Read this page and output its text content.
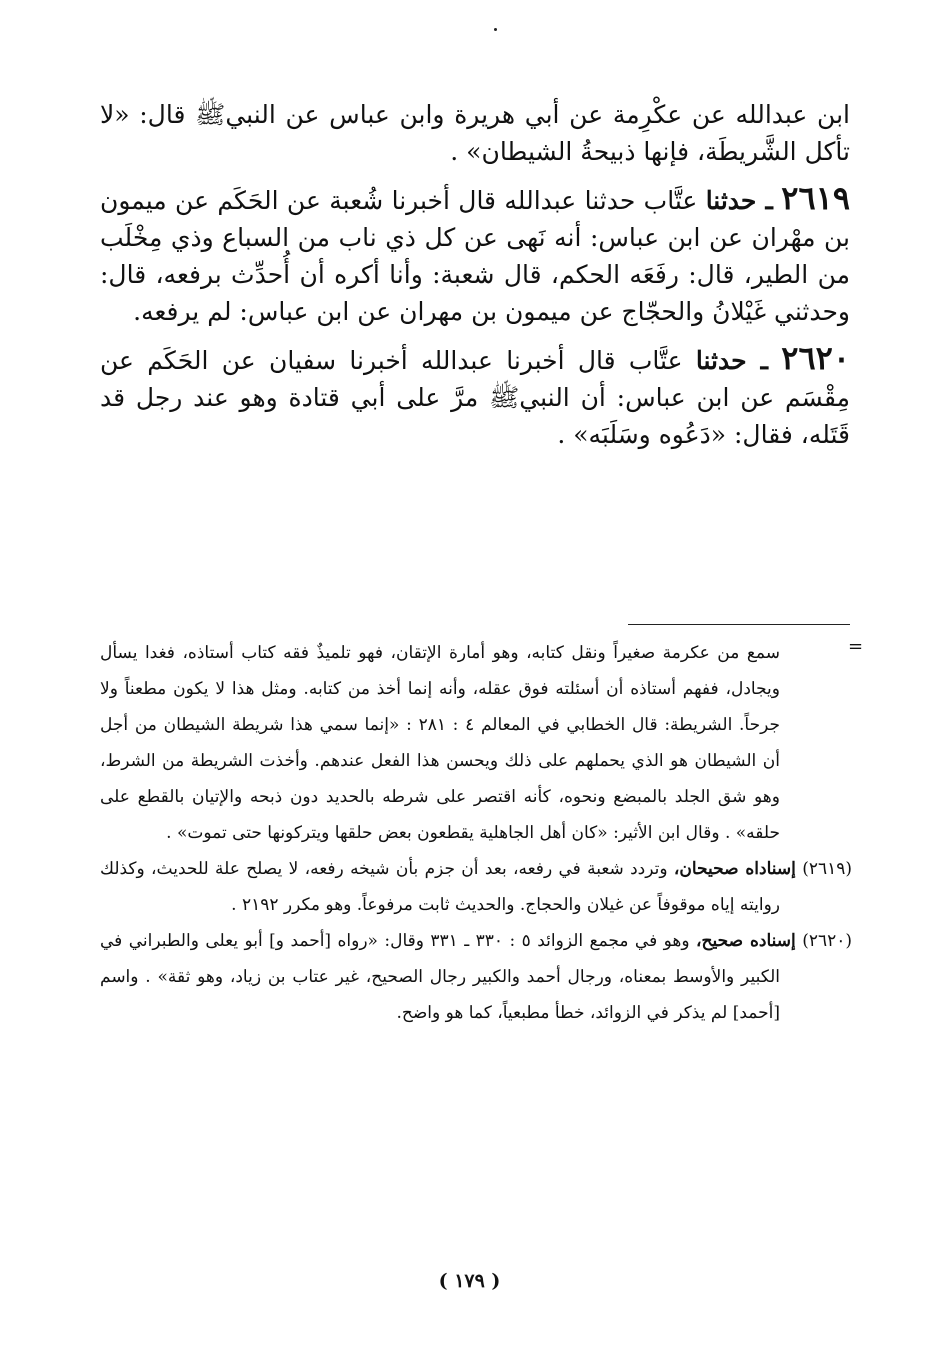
ابن عبدالله عن عكْرِمة عن أبي هريرة وابن عباس عن النبيﷺ قال: «لا تأكل الشَّريطَة، فإنها ذبيحةُ الشيطان» .

٢٦١٩ ـ حدثنا عتَّاب حدثنا عبدالله قال أخبرنا شُعبة عن الحَكَم عن ميمون بن مهْران عن ابن عباس: أنه نَهى عن كل ذي ناب من السباع وذي مِخْلَب من الطير، قال: رفَعَه الحكم، قال شعبة: وأنا أكره أن أُحدِّث برفعه، قال: وحدثني غَيْلانُ والحجّاج عن ميمون بن مهران عن ابن عباس: لم يرفعه.

٢٦٢٠ ـ حدثنا عتَّاب قال أخبرنا عبدالله أخبرنا سفيان عن الحَكَم عن مِقْسَم عن ابن عباس: أن النبيﷺ مرَّ على أبي قتادة وهو عند رجل قد قَتَله، فقال: «دَعُوه وسَلَبَه» .

=

سمع من عكرمة صغيراً ونقل كتابه، وهو أمارة الإتقان، فهو تلميذٌ فقه كتاب أستاذه، فغدا يسأل ويجادل، ففهم أستاذه أن أسئلته فوق عقله، وأنه إنما أخذ من كتابه. ومثل هذا لا يكون مطعناً ولا جرحاً. الشريطة: قال الخطابي في المعالم ٤ : ٢٨١ : «إنما سمي هذا شريطة الشيطان من أجل أن الشيطان هو الذي يحملهم على ذلك ويحسن هذا الفعل عندهم. وأخذت الشريطة من الشرط، وهو شق الجلد بالمبضع ونحوه، كأنه اقتصر على شرطه بالحديد دون ذبحه والإتيان بالقطع على حلقه» . وقال ابن الأثير: «كان أهل الجاهلية يقطعون بعض حلقها ويتركونها حتى تموت» .

(٢٦١٩) إسناداه صحيحان، وتردد شعبة في رفعه، بعد أن جزم بأن شيخه رفعه، لا يصلح علة للحديث، وكذلك روايته إياه موقوفاً عن غيلان والحجاج. والحديث ثابت مرفوعاً. وهو مكرر ٢١٩٢ .

(٢٦٢٠) إسناده صحيح، وهو في مجمع الزوائد ٥ : ٣٣٠ ـ ٣٣١ وقال: «رواه [أحمد و] أبو يعلى والطبراني في الكبير والأوسط بمعناه، ورجال أحمد والكبير رجال الصحيح، غير عتاب بن زياد، وهو ثقة» . واسم [أحمد] لم يذكر في الزوائد، خطأ مطبعياً، كما هو واضح.

( ١٧٩ )
